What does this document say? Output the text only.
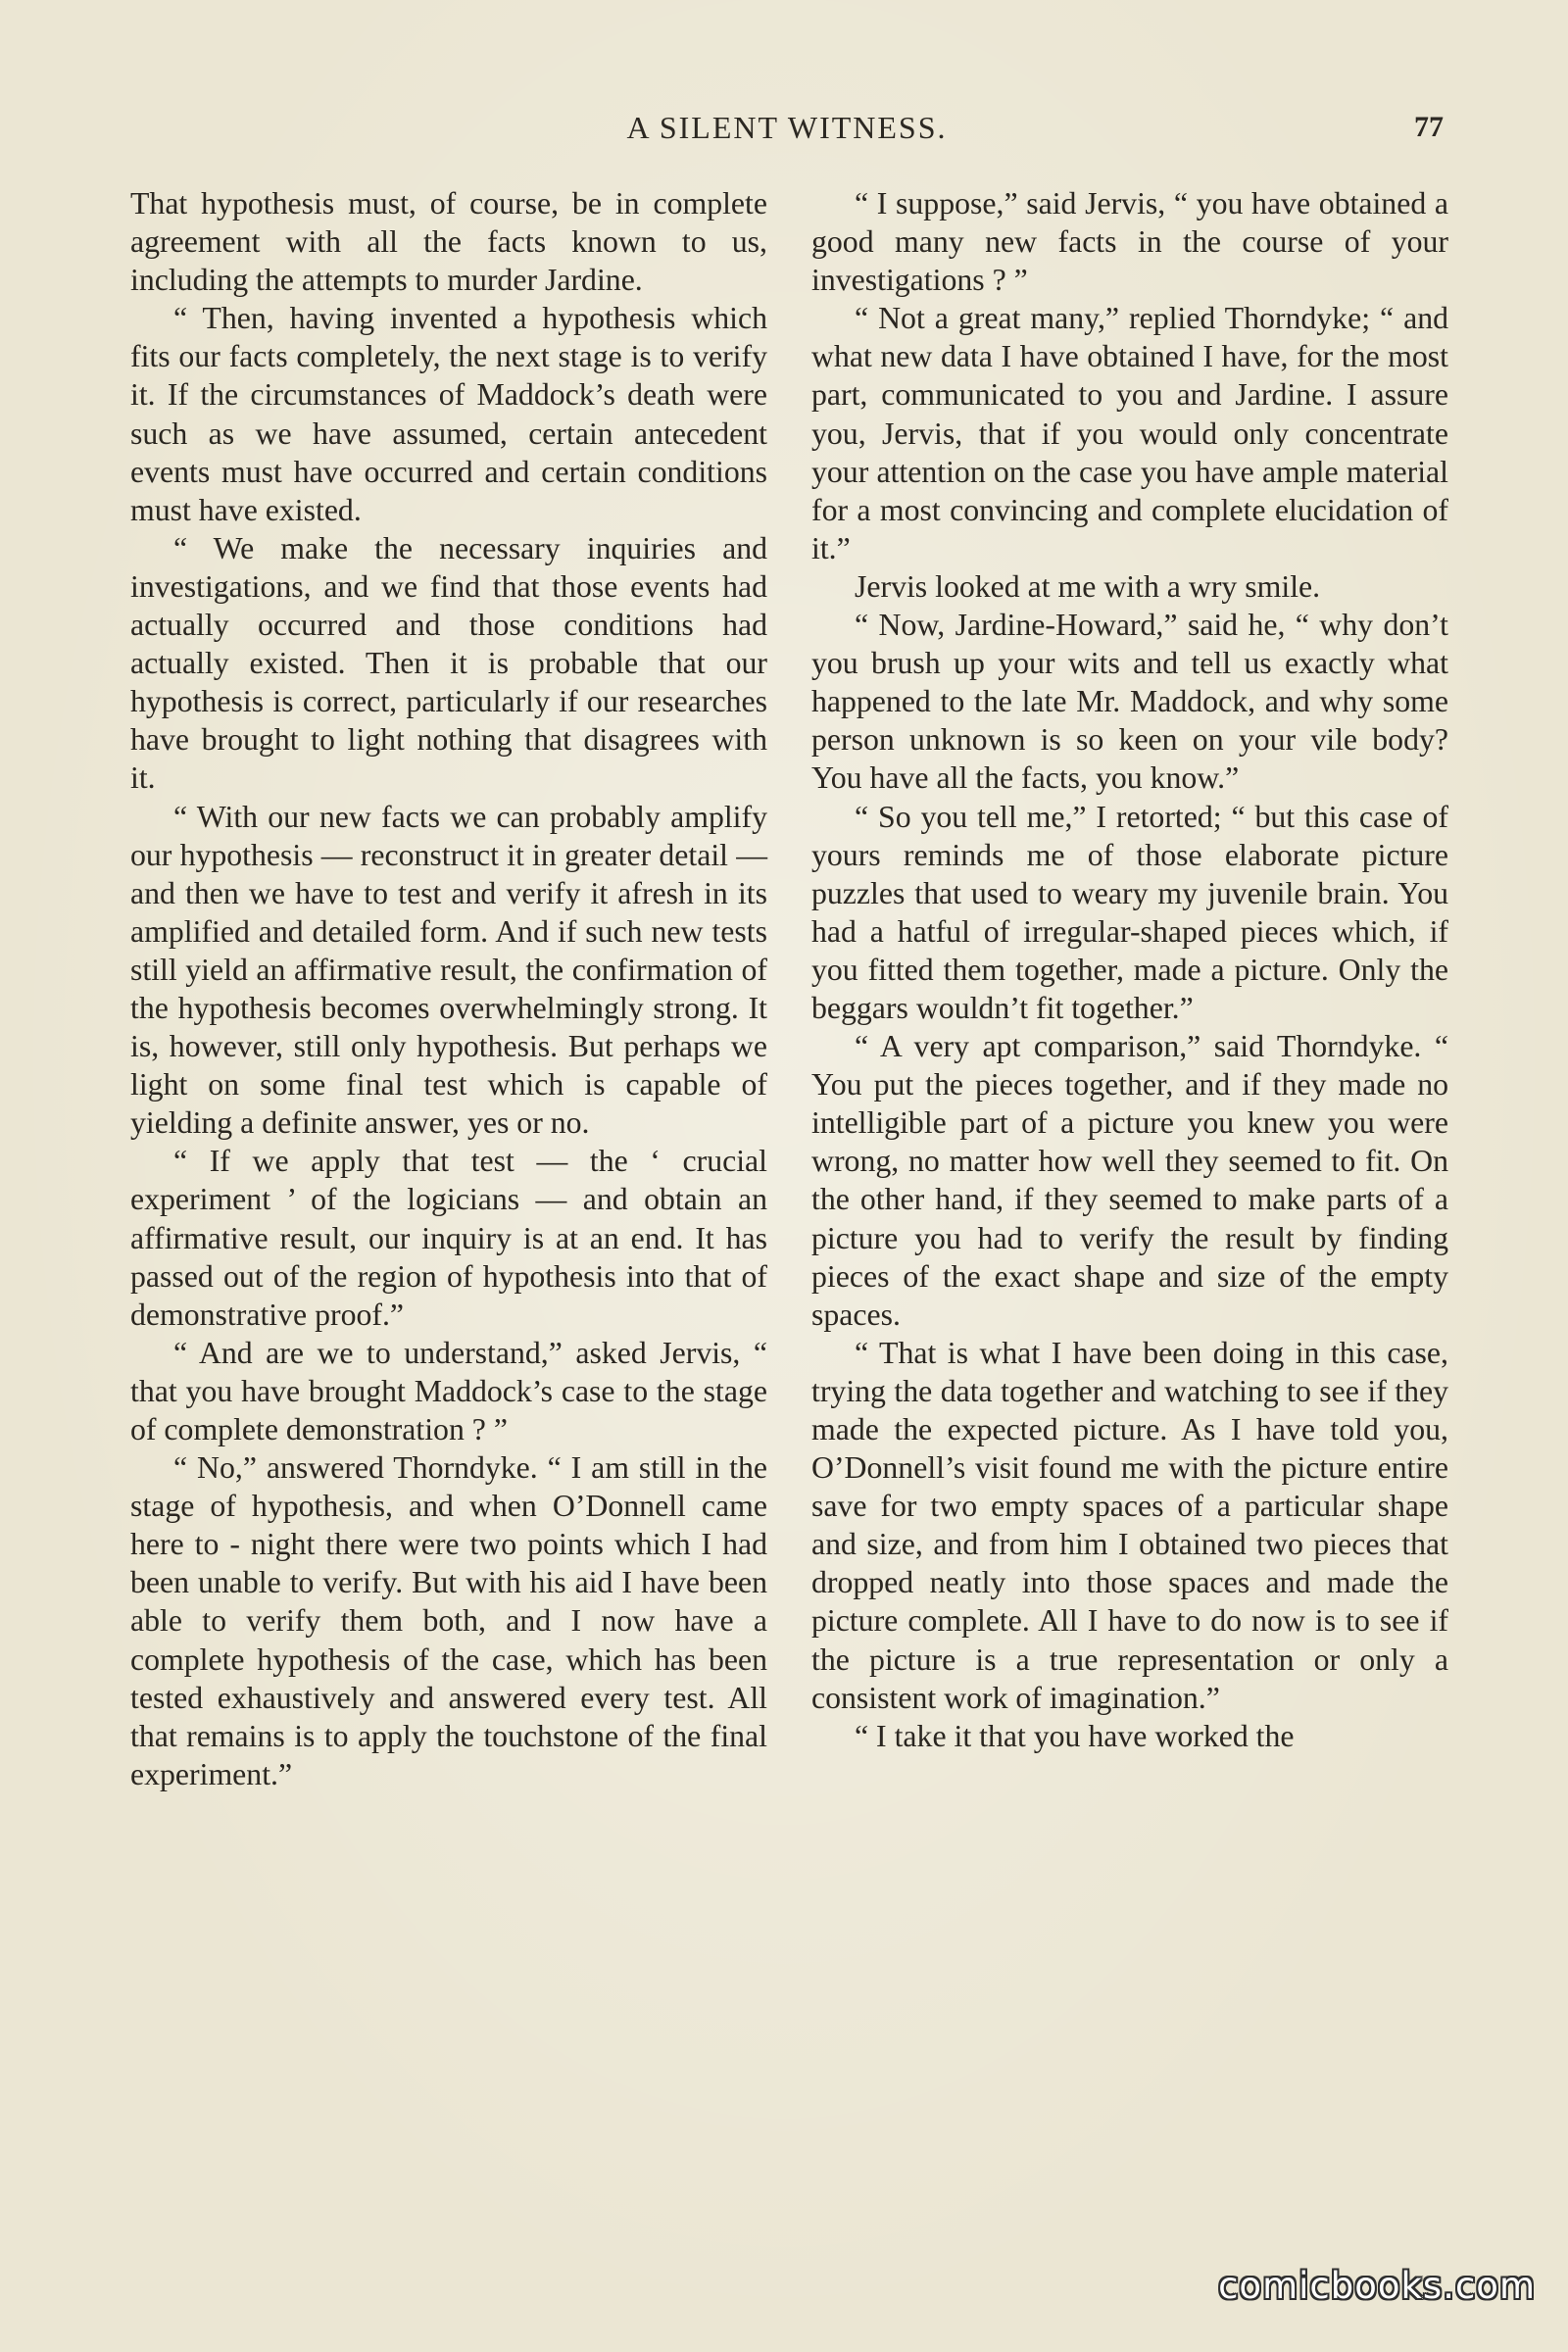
A SILENT WITNESS.	77

That hypothesis must, of course, be in complete agreement with all the facts known to us, including the attempts to murder Jardine.

“ Then, having invented a hypothesis which fits our facts completely, the next stage is to verify it. If the circumstances of Maddock’s death were such as we have assumed, certain antecedent events must have occurred and certain conditions must have existed.

“ We make the necessary inquiries and investigations, and we find that those events had actually occurred and those conditions had actually existed. Then it is probable that our hypothesis is correct, particularly if our researches have brought to light nothing that disagrees with it.

“ With our new facts we can probably amplify our hypothesis — reconstruct it in greater detail — and then we have to test and verify it afresh in its amplified and detailed form. And if such new tests still yield an affirmative result, the confirmation of the hypothesis becomes overwhelmingly strong. It is, however, still only hypothesis. But perhaps we light on some final test which is capable of yielding a definite answer, yes or no.

“ If we apply that test — the ‘ crucial experiment ’ of the logicians — and obtain an affirmative result, our inquiry is at an end. It has passed out of the region of hypothesis into that of demonstrative proof.”

“ And are we to understand,” asked Jervis, “ that you have brought Maddock’s case to the stage of complete demonstration ? ”

“ No,” answered Thorndyke. “ I am still in the stage of hypothesis, and when O’Donnell came here to - night there were two points which I had been unable to verify. But with his aid I have been able to verify them both, and I now have a complete hypothesis of the case, which has been tested exhaustively and answered every test. All that remains is to apply the touchstone of the final experiment.”

“ I suppose,” said Jervis, “ you have obtained a good many new facts in the course of your investigations ? ”

“ Not a great many,” replied Thorndyke; “ and what new data I have obtained I have, for the most part, communicated to you and Jardine. I assure you, Jervis, that if you would only concentrate your attention on the case you have ample material for a most convincing and complete elucidation of it.”

Jervis looked at me with a wry smile.

“ Now, Jardine-Howard,” said he, “ why don’t you brush up your wits and tell us exactly what happened to the late Mr. Maddock, and why some person unknown is so keen on your vile body? You have all the facts, you know.”

“ So you tell me,” I retorted; “ but this case of yours reminds me of those elaborate picture puzzles that used to weary my juvenile brain. You had a hatful of irregular-shaped pieces which, if you fitted them together, made a picture. Only the beggars wouldn’t fit together.”

“ A very apt comparison,” said Thorndyke. “ You put the pieces together, and if they made no intelligible part of a picture you knew you were wrong, no matter how well they seemed to fit. On the other hand, if they seemed to make parts of a picture you had to verify the result by finding pieces of the exact shape and size of the empty spaces.

“ That is what I have been doing in this case, trying the data together and watching to see if they made the expected picture. As I have told you, O’Donnell’s visit found me with the picture entire save for two empty spaces of a particular shape and size, and from him I obtained two pieces that dropped neatly into those spaces and made the picture complete. All I have to do now is to see if the picture is a true representation or only a consistent work of imagination.”

“ I take it that you have worked the

comicbooks.com
